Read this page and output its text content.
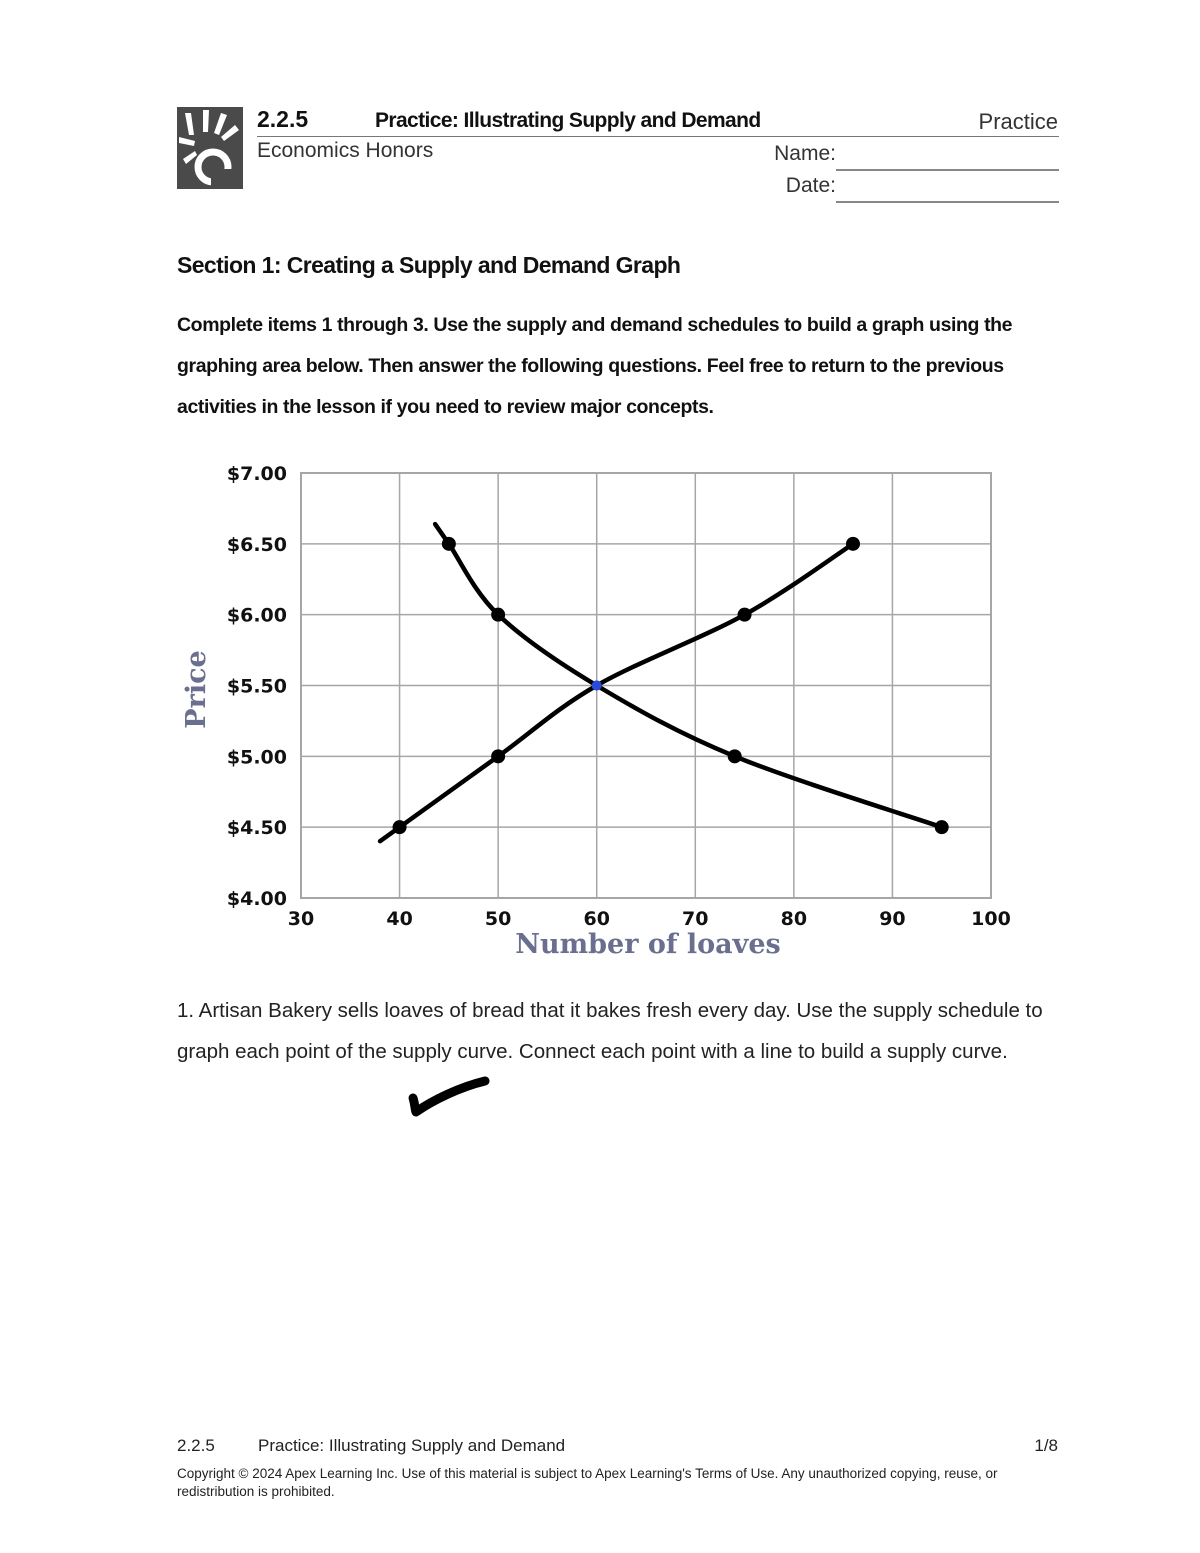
2.2.5	Practice: Illustrating Supply and Demand	Practice
Economics Honors	Name:
Date:
Section 1: Creating a Supply and Demand Graph
Complete items 1 through 3. Use the supply and demand schedules to build a graph using the graphing area below. Then answer the following questions. Feel free to return to the previous activities in the lesson if you need to review major concepts.
$4.00
$4.50
$5.00
$5.50
$6.00
$6.50
$7.00
30	40	50	60	70	80	90	100
Number of loaves
Price
1. Artisan Bakery sells loaves of bread that it bakes fresh every day. Use the supply schedule to graph each point of the supply curve. Connect each point with a line to build a supply curve.
2.2.5	Practice: Illustrating Supply and Demand	1/8
Copyright © 2024 Apex Learning Inc. Use of this material is subject to Apex Learning's Terms of Use. Any unauthorized copying, reuse, or redistribution is prohibited.
